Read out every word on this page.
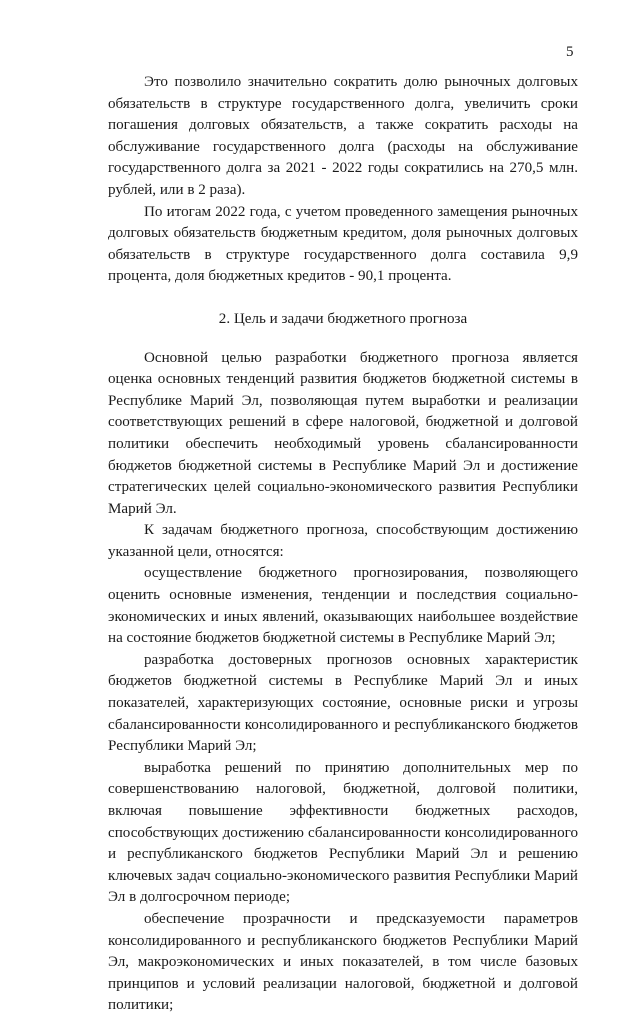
5

Это позволило значительно сократить долю рыночных долговых обязательств в структуре государственного долга, увеличить сроки погашения долговых обязательств, а также сократить расходы на обслуживание государственного долга (расходы на обслуживание государственного долга за 2021 - 2022 годы сократились на 270,5 млн. рублей, или в 2 раза).

По итогам 2022 года, с учетом проведенного замещения рыночных долговых обязательств бюджетным кредитом, доля рыночных долговых обязательств в структуре государственного долга составила 9,9 процента, доля бюджетных кредитов - 90,1 процента.

2. Цель и задачи бюджетного прогноза

Основной целью разработки бюджетного прогноза является оценка основных тенденций развития бюджетов бюджетной системы в Республике Марий Эл, позволяющая путем выработки и реализации соответствующих решений в сфере налоговой, бюджетной и долговой политики обеспечить необходимый уровень сбалансированности бюджетов бюджетной системы в Республике Марий Эл и достижение стратегических целей социально-экономического развития Республики Марий Эл.

К задачам бюджетного прогноза, способствующим достижению указанной цели, относятся:

осуществление бюджетного прогнозирования, позволяющего оценить основные изменения, тенденции и последствия социально-экономических и иных явлений, оказывающих наибольшее воздействие на состояние бюджетов бюджетной системы в Республике Марий Эл;

разработка достоверных прогнозов основных характеристик бюджетов бюджетной системы в Республике Марий Эл и иных показателей, характеризующих состояние, основные риски и угрозы сбалансированности консолидированного и республиканского бюджетов Республики Марий Эл;

выработка решений по принятию дополнительных мер по совершенствованию налоговой, бюджетной, долговой политики, включая повышение эффективности бюджетных расходов, способствующих достижению сбалансированности консолидированного и республиканского бюджетов Республики Марий Эл и решению ключевых задач социально-экономического развития Республики Марий Эл в долгосрочном периоде;

обеспечение прозрачности и предсказуемости параметров консолидированного и республиканского бюджетов Республики Марий Эл, макроэкономических и иных показателей, в том числе базовых принципов и условий реализации налоговой, бюджетной и долговой политики;
